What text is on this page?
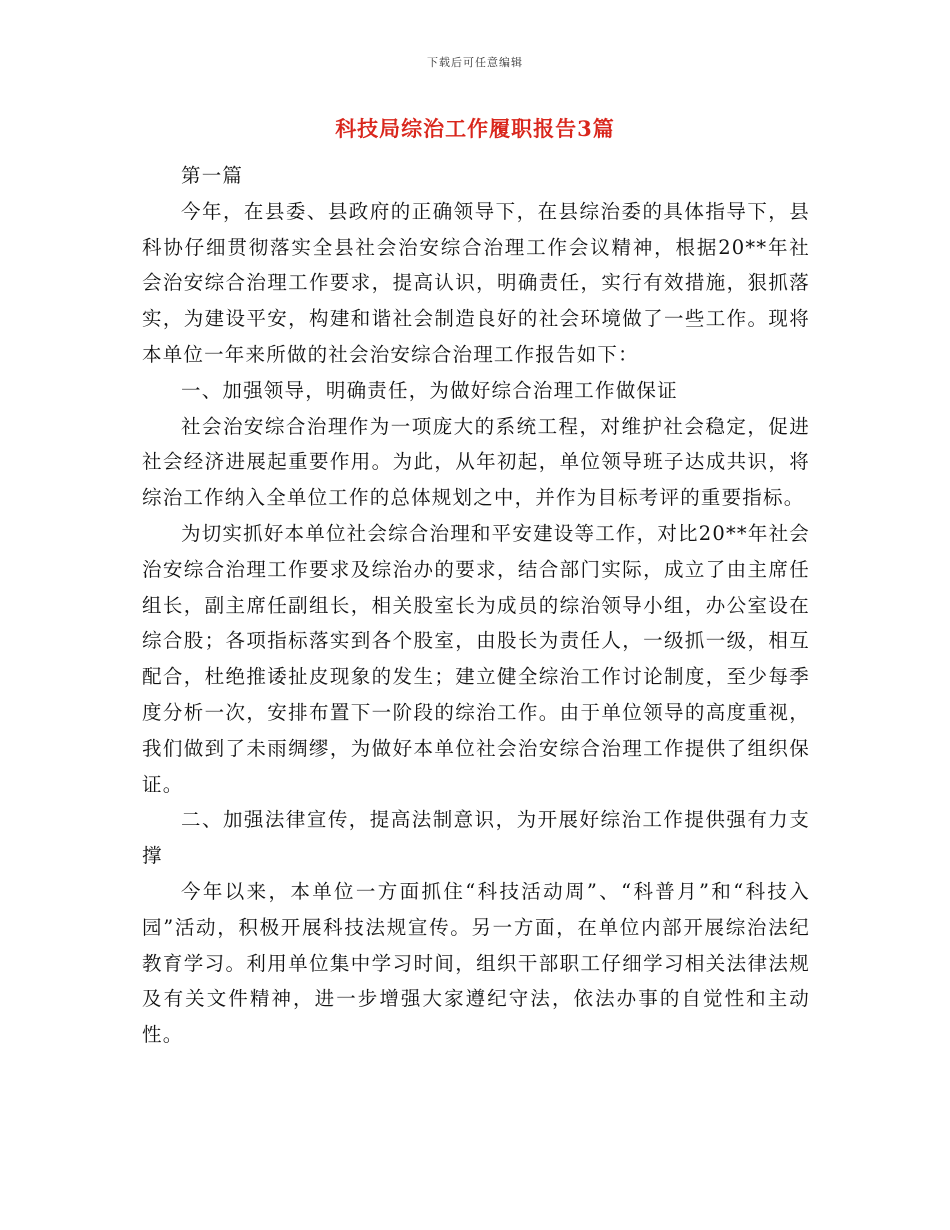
下载后可任意编辑
科技局综治工作履职报告3篇

第一篇

今年，在县委、县政府的正确领导下，在县综治委的具体指导下，县科协仔细贯彻落实全县社会治安综合治理工作会议精神，根据20**年社会治安综合治理工作要求，提高认识，明确责任，实行有效措施，狠抓落实，为建设平安，构建和谐社会制造良好的社会环境做了一些工作。现将本单位一年来所做的社会治安综合治理工作报告如下：

一、加强领导，明确责任，为做好综合治理工作做保证

社会治安综合治理作为一项庞大的系统工程，对维护社会稳定，促进社会经济进展起重要作用。为此，从年初起，单位领导班子达成共识，将综治工作纳入全单位工作的总体规划之中，并作为目标考评的重要指标。

为切实抓好本单位社会综合治理和平安建设等工作，对比20**年社会治安综合治理工作要求及综治办的要求，结合部门实际，成立了由主席任组长，副主席任副组长，相关股室长为成员的综治领导小组，办公室设在综合股；各项指标落实到各个股室，由股长为责任人，一级抓一级，相互配合，杜绝推诿扯皮现象的发生；建立健全综治工作讨论制度，至少每季度分析一次，安排布置下一阶段的综治工作。由于单位领导的高度重视，我们做到了未雨绸缪，为做好本单位社会治安综合治理工作提供了组织保证。

二、加强法律宣传，提高法制意识，为开展好综治工作提供强有力支撑

今年以来，本单位一方面抓住“科技活动周”、“科普月”和“科技入园”活动，积极开展科技法规宣传。另一方面，在单位内部开展综治法纪教育学习。利用单位集中学习时间，组织干部职工仔细学习相关法律法规及有关文件精神，进一步增强大家遵纪守法，依法办事的自觉性和主动性。
